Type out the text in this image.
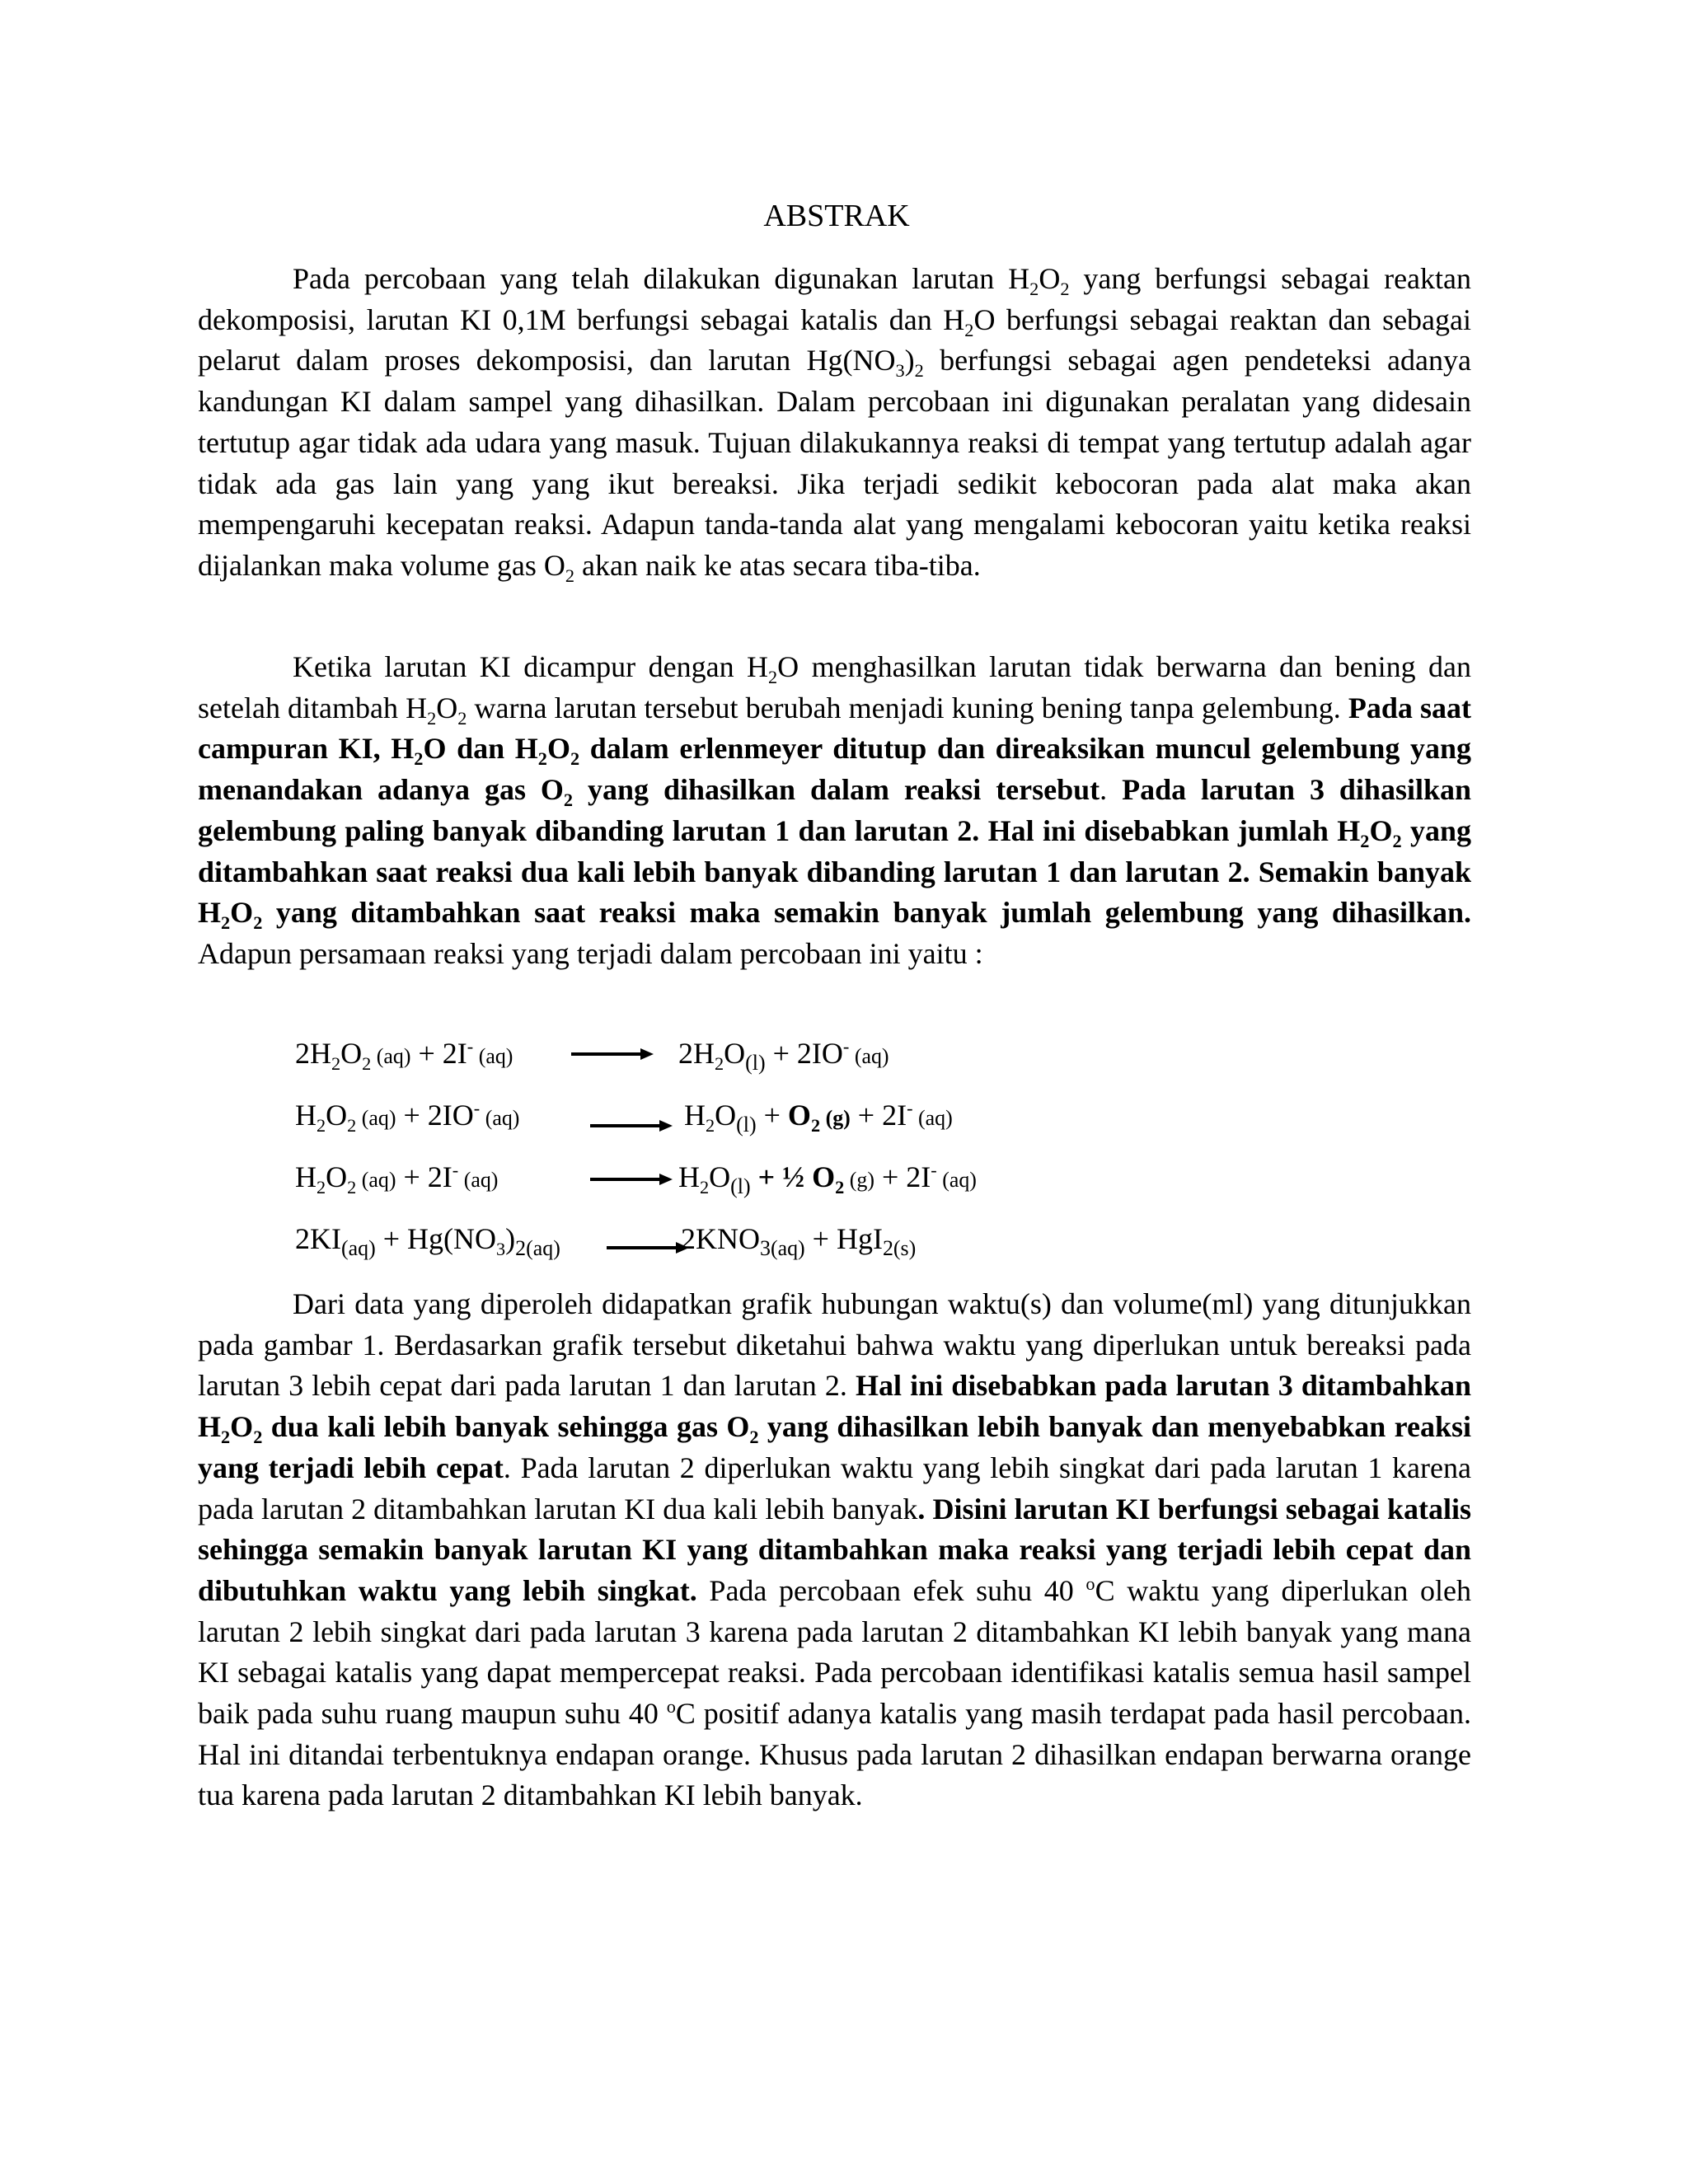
ABSTRAK

Pada percobaan yang telah dilakukan digunakan larutan $H_2O_2$ yang berfungsi sebagai reaktan dekomposisi, larutan KI 0,1M berfungsi sebagai katalis dan $H_2O$ berfungsi sebagai reaktan dan sebagai pelarut dalam proses dekomposisi, dan larutan $Hg(NO_3)_2$ berfungsi sebagai agen pendeteksi adanya kandungan KI dalam sampel yang dihasilkan. Dalam percobaan ini digunakan peralatan yang didesain tertutup agar tidak ada udara yang masuk. Tujuan dilakukannya reaksi di tempat yang tertutup adalah agar tidak ada gas lain yang yang ikut bereaksi. Jika terjadi sedikit kebocoran pada alat maka akan mempengaruhi kecepatan reaksi. Adapun tanda-tanda alat yang mengalami kebocoran yaitu ketika reaksi dijalankan maka volume gas $O_2$ akan naik ke atas secara tiba-tiba.

Ketika larutan KI dicampur dengan $H_2O$ menghasilkan larutan tidak berwarna dan bening dan setelah ditambah $H_2O_2$ warna larutan tersebut berubah menjadi kuning bening tanpa gelembung. Pada saat campuran KI, $H_2O$ dan $H_2O_2$ dalam erlenmeyer ditutup dan direaksikan muncul gelembung yang menandakan adanya gas $O_2$ yang dihasilkan dalam reaksi tersebut. Pada larutan 3 dihasilkan gelembung paling banyak dibanding larutan 1 dan larutan 2. Hal ini disebabkan jumlah $H_2O_2$ yang ditambahkan saat reaksi dua kali lebih banyak dibanding larutan 1 dan larutan 2. Semakin banyak $H_2O_2$ yang ditambahkan saat reaksi maka semakin banyak jumlah gelembung yang dihasilkan. Adapun persamaan reaksi yang terjadi dalam percobaan ini yaitu :

$2H_2O_2$ (aq) + 2I- $(aq) \to 2H_2O_{(l)} + 2IO^-$ (aq)
$H_2O_2$ (aq) + 2IO- $(aq) \to H_2O_{(l)} + O_2$ (g) + 2I- (aq)
$H_2O_2$ (aq) + 2I- (aq)	→ $H_2O_{(l)}$ + ½ $O_2$ (g) + 2I- (aq)
$2KI_{(aq)} + Hg(NO_3)_{2(aq)}$	$2KNO_{3(aq)} + HgI_{2(s)}$

Dari data yang diperoleh didapatkan grafik hubungan waktu(s) dan volume(ml) yang ditunjukkan pada gambar 1. Berdasarkan grafik tersebut diketahui bahwa waktu yang diperlukan untuk bereaksi pada larutan 3 lebih cepat dari pada larutan 1 dan larutan 2. Hal ini disebabkan pada larutan 3 ditambahkan $H_2O_2$ dua kali lebih banyak sehingga gas $O_2$ yang dihasilkan lebih banyak dan menyebabkan reaksi yang terjadi lebih cepat. Pada larutan 2 diperlukan waktu yang lebih singkat dari pada larutan 1 karena pada larutan 2 ditambahkan larutan KI dua kali lebih banyak. Disini larutan KI berfungsi sebagai katalis sehingga semakin banyak larutan KI yang ditambahkan maka reaksi yang terjadi lebih cepat dan dibutuhkan waktu yang lebih singkat. Pada percobaan efek suhu 40 $^o$C waktu yang diperlukan oleh larutan 2 lebih singkat dari pada larutan 3 karena pada larutan 2 ditambahkan KI lebih banyak yang mana KI sebagai katalis yang dapat mempercepat reaksi. Pada percobaan identifikasi katalis semua hasil sampel baik pada suhu ruang maupun suhu 40 $^o$C positif adanya katalis yang masih terdapat pada hasil percobaan. Hal ini ditandai terbentuknya endapan orange. Khusus pada larutan 2 dihasilkan endapan berwarna orange tua karena pada larutan 2 ditambahkan KI lebih banyak.
